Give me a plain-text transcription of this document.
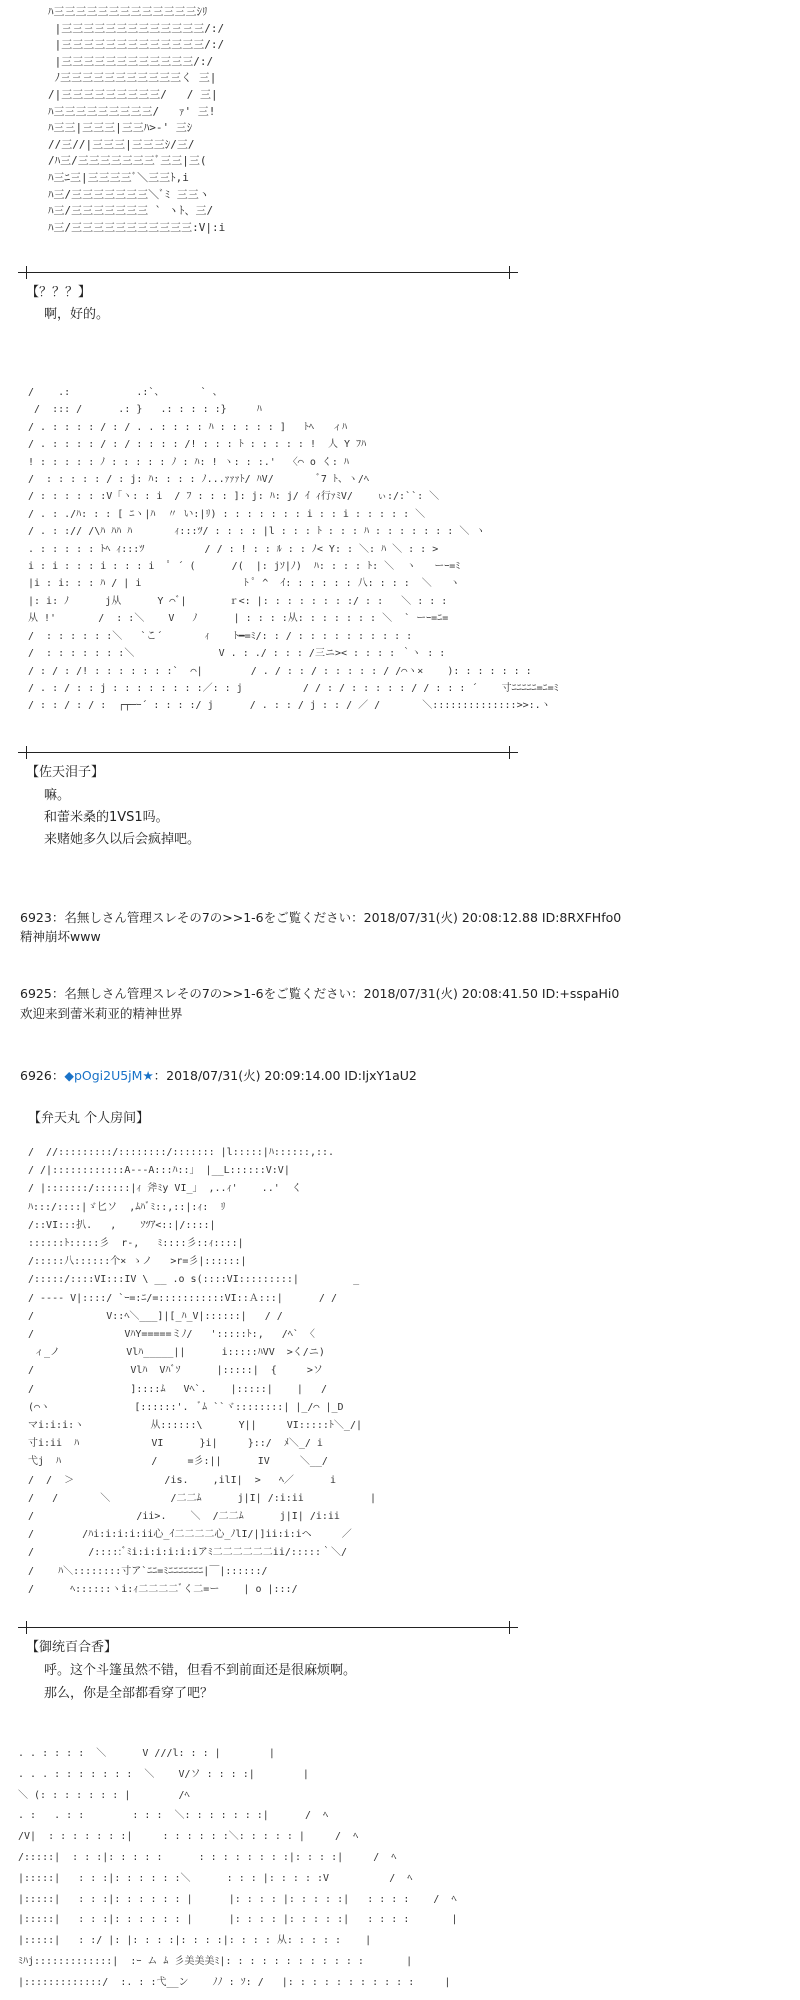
ﾊ三三三三三三三三三三三三三ｼﾘ
|三三三三三三三三三三三三三/:/
|三三三三三三三三三三三三三/:/
|三三三三三三三三三三三三/:/
ﾉ三三三三三三三三三三三く 三|
/|三三三三三三三三三/   / 三|
ﾊ三三三三三三三三三/   ｧ' 三!
ﾊ三三|三三三|三三ﾊ>-' 三ｼ
//三//|三三三|三三三ｼ/三/
/ﾊ三/三三三三三三三ﾞ三三|三(
ﾊ三ﾆ三|三三三三ﾞ＼三三ﾄ,i
ﾊ三/三三三三三三三＼ﾞﾐ 三三ヽ
ﾊ三/三三三三三三三 ` ヽﾄ、三/
ﾊ三/三三三三三三三三三三三:V|:i
【？？？】
啊，好的。
/    .:           .:`、      ` 、
/  ::: /      .: }   .: : : : :}     ﾊ
/ . : : : : / : / . . : : : : ﾊ : : : : : ]   ﾄﾍ   ィﾊ
/ . : : : : / : / : : : : /! : : : ﾄ : : : : : !  人 Y ﾌﾊ
! : : : : : ﾉ : : : : : ﾉ : ﾊ: ! ヽ: : :.'  〈⌒ o く: ﾊ
/  : : : : : / : j: ﾊ: : : : ﾉ...ｧｧｧﾄ/ ﾊV/       ﾞ7 ﾄ、ヽ/ﾍ
/ : : : : : :V「ヽ: : i  / ﾌ : : : ]: j: ﾊ: j/ ｲ ｨ行ｧﾐV/    ぃ:/:``: ＼
/ . : ./ﾊ: : : [ ﾆヽ|ﾊ  〃 い:|ﾘ) : : : : : : : i : : i : : : : : ＼
/ . : :// /\ﾊ ﾊﾊ ﾊ       ｨ:::ﾂ/ : : : : |l : : : ﾄ : : : ﾊ : : : : : : : ＼ ヽ
. : : : : : ﾄﾍ ｨ:::ﾂ          / / : ! : : ﾙ : : ﾉ< Y: : ＼: ﾊ ＼ : : >
i : i : : : i : : : i  ﾟ ´ (      /(  |: jｿ|ﾉ)  ﾊ: : : : ﾄ: ＼  ヽ   ーｰ=ﾐ
|i : i: : : ﾊ / | i                 ﾄ ﾟ ^  ｲ: : : : : : 八: : : :  ＼   ヽ
|: i: ﾉ      j从      Y ⌒ﾞ|       ｒ<: |: : : : : : : :/ : :   ＼ : : :
从 !'       /  : :＼    V   ﾉ      | : : : :从: : : : : : : ＼  ` ーｰ=ﾆ=
/  : : : : : :＼   `こ´       ｨ    ﾄ━=ﾐ/: : / : : : : : : : : : :
/  : : : : : : :＼              V . : ./ : : : /三ニ>< : : : : ｀ヽ : :
/ : / : /! : : : : : : :`  ⌒|        / . / : : / : : : : : / /⌒ヽ×    ): : : : : : :
/ . : / : : j : : : : : : : :／: : j          / / : / : : : : : / / : : : ´    寸ﾆﾆﾆﾆﾆ=ﾆ=ﾐ
/ : : / : / :  ┌┬─ｰ´ : : : :/ j      / . : : / j : : / ／ /       ＼::::::::::::::>>:.ヽ
【佐天泪子】
嘛。
和蕾米桑的1VS1吗。
来赌她多久以后会疯掉吧。
6923：名無しさん管理スレその7の>>1-6をご覧ください：2018/07/31(火) 20:08:12.88 ID:8RXFHfo0
精神崩坏www
6925：名無しさん管理スレその7の>>1-6をご覧ください：2018/07/31(火) 20:08:41.50 ID:+sspaHi0
欢迎来到蕾米莉亚的精神世界
6926：◆pOgi2U5jM★：2018/07/31(火) 20:09:14.00 ID:IjxY1aU2
【弁天丸 个人房间】
/  //:::::::::/::::::::/::::::: |l:::::|ﾊ::::::,::.
/ /|::::::::::::A---A:::ﾊ::」 |__L::::::V:V|
/ |:::::::/::::::|ｨ 斧ﾐy VI_」 ,..ｨ'    ..'  く
ﾊ:::/::::|ゞ匕ソ  ,ﾑﾊﾞﾐ::,::|:ｨ:  ﾘ
/::VI:::扒.   ,    ｿﾂｱ<::|/::::|
::::::ﾄ:::::彡  r‐,   ﾐ::::彡::ｨ::::|
/:::::八::::::个× ゝノ   >r=彡|::::::|
/:::::/::::VI:::IV \ __ .o s(::::VI:::::::::|         _
/ ---- V|::::/ `ｰ=:ﾆ/=:::::::::::VI::Ａ:::|      / /
/            V::ﾍ＼___]|[_ﾊ_V|::::::|   / /
/               VﾊY=====ミﾉ/   ':::::ﾄ:,   /ﾍ` 〈
ィ_ノ           Vlﾊ_____||      i:::::ﾊVV  >く/ニ)
/                Vlﾊ  Vﾊﾞｿ      |:::::|  {     >ソ
/                ]::::ﾑ   Vﾍ`.    |:::::|    |   /
(⌒ヽ              [::::::'.  ﾞﾑ ``ヾ::::::::| |_/⌒ |_D
マi:i:i:ヽ           从::::::\      Y||     VI:::::ﾄ＼_/|
寸i:ii  ﾊ            VI      }i|     }::/  ﾒ＼_/ i
弋j  ﾊ               /     =彡:||      IV     ＼__/
/  /  ＞               /is.    ,ilI|  >   ﾍ／      i
/   /       ＼          /二二ﾑ      j|I| /:i:ii           |
/                 /ii>.    ＼  /二二ﾑ      j|I| /i:ii
/        /ﾊi:i:i:i:ii心_ｲ二二二二心_ﾉlI/|]ii:i:iヘ     ／
/         /:::::ﾞﾐi:i:i:i:i:iアﾐ二二二二二二ii/:::::｀＼/
/    ﾊ＼::::::::寸ア`ﾆﾆ=ﾐﾆﾆﾆﾆﾆﾆﾆ|￣|::::::/
/      ﾍ::::::ヽi:ｨ二二二二ﾞく二=ー    | o |:::/
【御统百合香】
呼。这个斗篷虽然不错，但看不到前面还是很麻烦啊。
那么，你是全部都看穿了吧？
. . : : : :  ＼      V ///l: : : |        |
. . . : : : : : : :  ＼    V/ソ : : : :|        |
＼ (: : : : : : : |        /ﾍ
. :   . : :        : : :  ＼: : : : : : :|      /  ﾍ
/V|  : : : : : : :|     : : : : : :＼: : : : : |     /  ﾍ
/:::::|  : : :|: : : : :      : : : : : : : :|: : : :|     /  ﾍ
|:::::|   : : :|: : : : : :＼      : : : |: : : : :V          /  ﾍ
|:::::|   : : :|: : : : : : |      |: : : : |: : : : :|   : : : :    /  ﾍ
|:::::|   : : :|: : : : : : |      |: : : : |: : : : :|   : : : :       |
|:::::|   : :/ |: |: : : :|: : : :|: : : : 从: : : : :    |
ﾐﾊj:::::::::::::|  :ｰ ム ﾑ 彡美美美ﾐ|: : : : : : : : : : : :       |
|:::::::::::::/  :. : :弋__ン    ﾉﾉ : ｿ: /   |: : : : : : : : : : :     |
